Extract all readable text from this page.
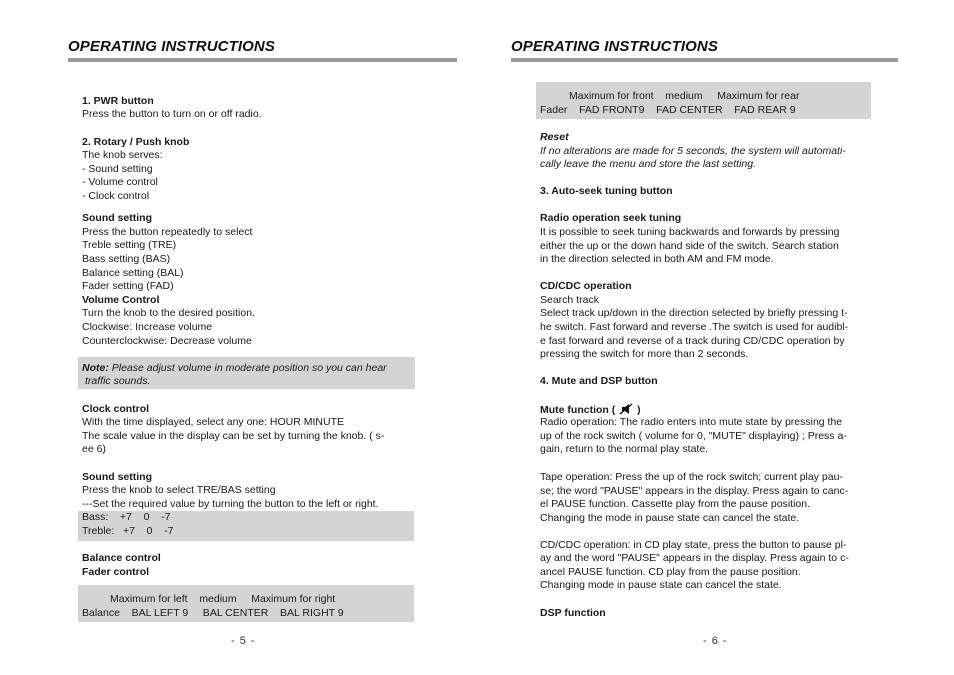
OPERATING INSTRUCTIONS
1. PWR button
Press the button to turn on or off radio.
2. Rotary / Push knob
The knob serves:
- Sound setting
- Volume control
- Clock control
Sound setting
Press the button repeatedly to select
Treble setting (TRE)
Bass setting (BAS)
Balance setting (BAL)
Fader setting (FAD)
Volume Control
Turn the knob to the desired position.
Clockwise: Increase volume
Counterclockwise: Decrease volume
Note: Please adjust volume in moderate position so you can hear
traffic sounds.
Clock control
With the time displayed, select any one: HOUR MINUTE
The scale value in the display can be set by turning the knob. ( s-
ee 6)
Sound setting
Press the knob to select TRE/BAS setting
---Set the required value by turning the button to the left or right.
Bass:    +7    0    -7
Treble:   +7    0    -7
Balance control
Fader control
Maximum for left    medium     Maximum for right
Balance    BAL LEFT 9     BAL CENTER    BAL RIGHT 9
- 5 -
OPERATING INSTRUCTIONS
Maximum for front    medium     Maximum for rear
Fader    FAD FRONT9    FAD CENTER    FAD REAR 9
Reset
If no alterations are made for 5 seconds, the system will automati-
cally leave the menu and store the last setting.
3. Auto-seek tuning button
Radio operation seek tuning
It is possible to seek tuning backwards and forwards by pressing
either the up or the down hand side of the switch. Search station
in the direction selected in both AM and FM mode.
CD/CDC operation
Search track
Select track up/down in the direction selected by briefly pressing t-
he switch. Fast forward and reverse .The switch is used for audibl-
e fast forward and reverse of a track during CD/CDC operation by
pressing the switch for more than 2 seconds.
4. Mute and DSP button
Mute function ( )
Radio operation: The radio enters into mute state by pressing the
up of the rock switch ( volume for 0, "MUTE" displaying) ; Press a-
gain, return to the normal play state.
Tape operation: Press the up of the rock switch; current play pau-
se; the word "PAUSE" appears in the display. Press again to canc-
el PAUSE function. Cassette play from the pause position.
Changing the mode in pause state can cancel the state.
CD/CDC operation: in CD play state, press the button to pause pl-
ay and the word "PAUSE" appears in the display. Press again to c-
ancel PAUSE function. CD play from the pause position.
Changing mode in pause state can cancel the state.
DSP function
- 6 -
